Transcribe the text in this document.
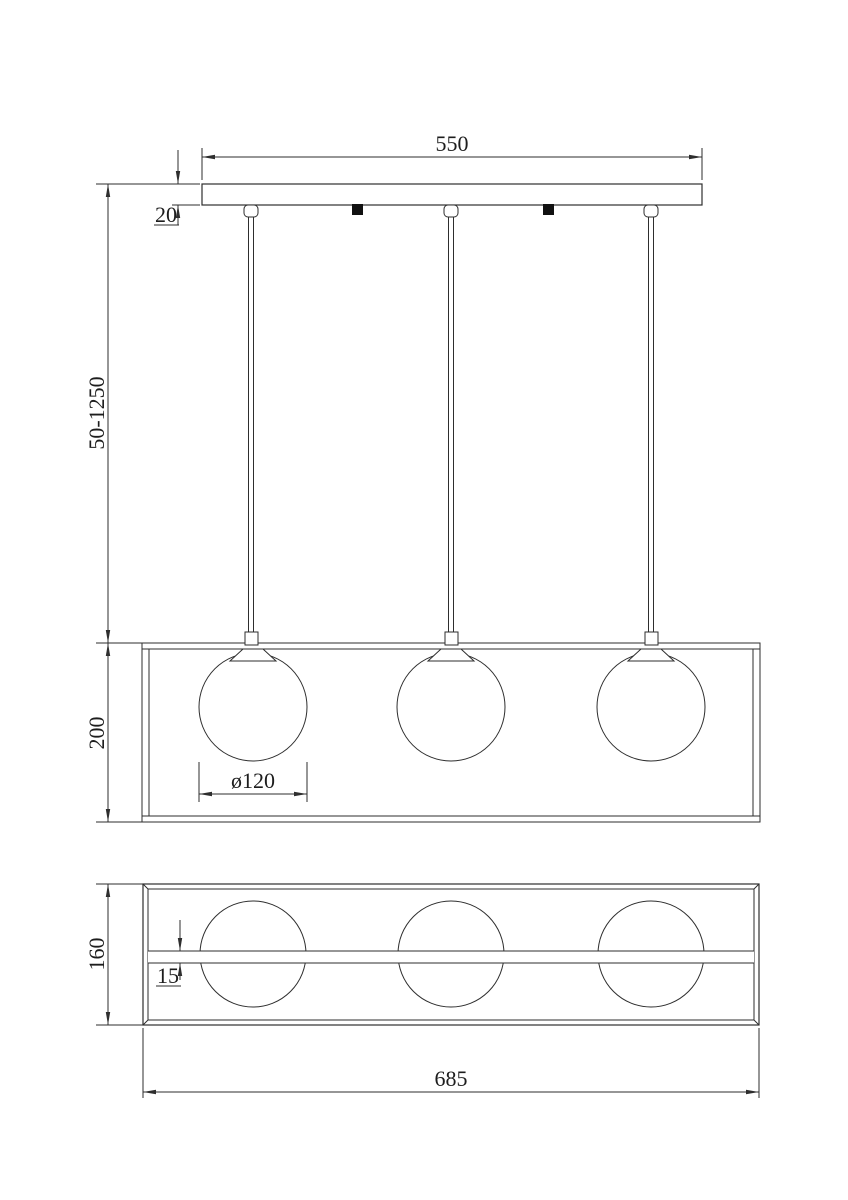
550
20
50-1250
200
ø120
15
160
685
